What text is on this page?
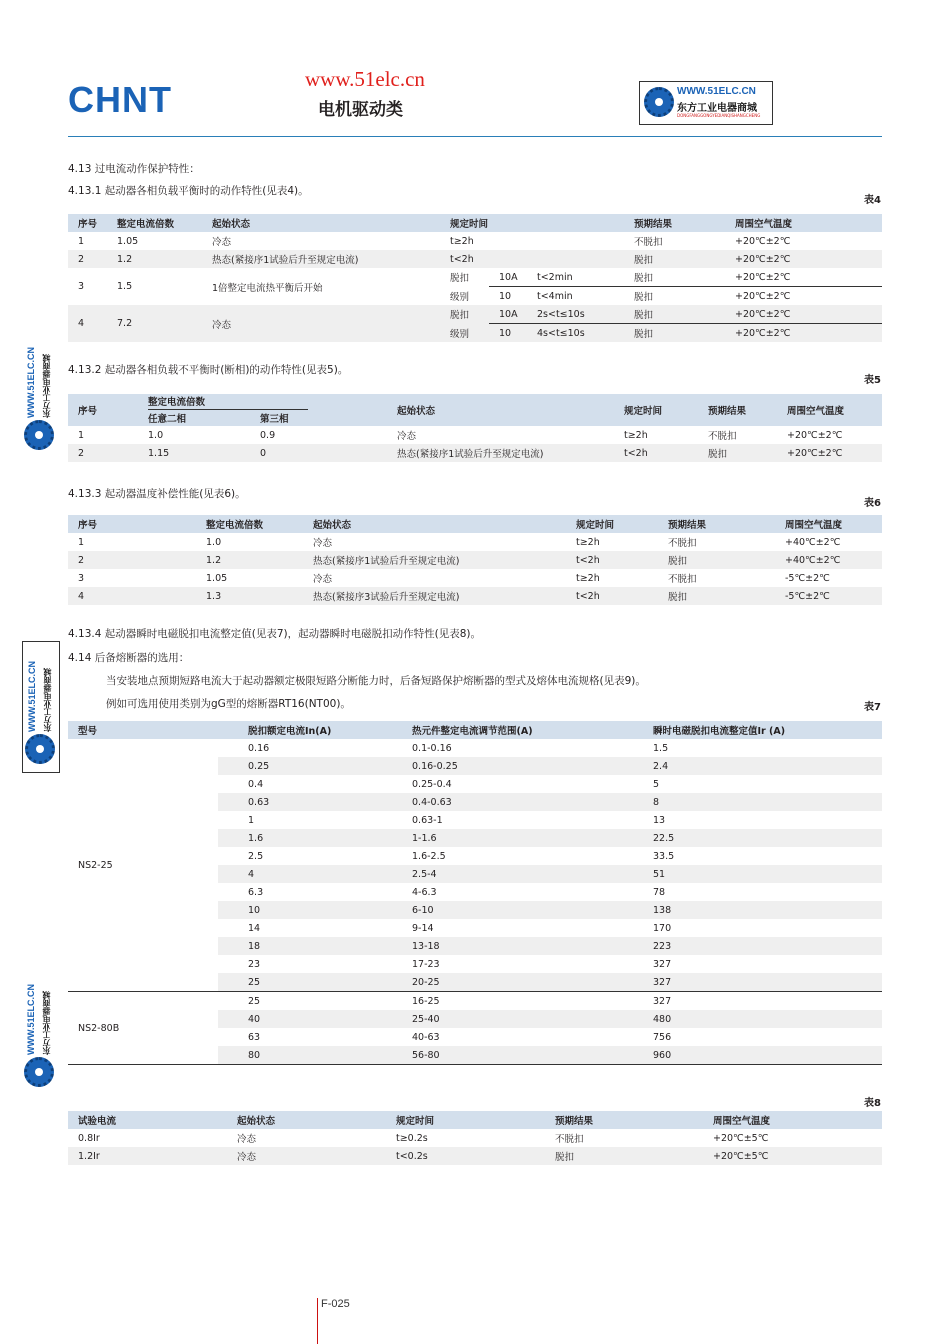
CHNT	www.51elc.cn
电机驱动类
WWW.51ELC.CN
东方工业电器商城
DONGFANGGONGYEDIANQISHANGCHENG
WWW.51ELC.CN 东方工业电器商城
WWW.51ELC.CN 东方工业电器商城
WWW.51ELC.CN 东方工业电器商城
4.13 过电流动作保护特性：
4.13.1 起动器各相负载平衡时的动作特性(见表4)。
表4
序号	整定电流倍数	起始状态	规定时间			预期结果	周围空气温度
1	1.05	冷态	t≥2h			不脱扣	+20℃±2℃
2	1.2	热态(紧接序1试验后升至规定电流)	t<2h			脱扣	+20℃±2℃
3	1.5	1倍整定电流热平衡后开始	脱扣	10A	t<2min	脱扣	+20℃±2℃
			级别	10	t<4min	脱扣	+20℃±2℃
4	7.2	冷态	脱扣	10A	2s<t≤10s	脱扣	+20℃±2℃
			级别	10	4s<t≤10s	脱扣	+20℃±2℃
4.13.2 起动器各相负载不平衡时(断相)的动作特性(见表5)。
表5
序号	整定电流倍数		起始状态	规定时间	预期结果	周围空气温度
	任意二相	第三相				
1	1.0	0.9	冷态	t≥2h	不脱扣	+20℃±2℃
2	1.15	0	热态(紧接序1试验后升至规定电流)	t<2h	脱扣	+20℃±2℃
4.13.3 起动器温度补偿性能(见表6)。
表6
序号	整定电流倍数	起始状态	规定时间	预期结果	周围空气温度
1	1.0	冷态	t≥2h	不脱扣	+40℃±2℃
2	1.2	热态(紧接序1试验后升至规定电流)	t<2h	脱扣	+40℃±2℃
3	1.05	冷态	t≥2h	不脱扣	-5℃±2℃
4	1.3	热态(紧接序3试验后升至规定电流)	t<2h	脱扣	-5℃±2℃
4.13.4 起动器瞬时电磁脱扣电流整定值(见表7)，起动器瞬时电磁脱扣动作特性(见表8)。
4.14 后备熔断器的选用：
当安装地点预期短路电流大于起动器额定极限短路分断能力时，后备短路保护熔断器的型式及熔体电流规格(见表9)。
例如可选用使用类别为gG型的熔断器RT16(NT00)。	表7
型号	脱扣额定电流In(A)	热元件整定电流调节范围(A)	瞬时电磁脱扣电流整定值Ir (A)
NS2-25	0.16	0.1-0.16	1.5
	0.25	0.16-0.25	2.4
	0.4	0.25-0.4	5
	0.63	0.4-0.63	8
	1	0.63-1	13
	1.6	1-1.6	22.5
	2.5	1.6-2.5	33.5
	4	2.5-4	51
	6.3	4-6.3	78
	10	6-10	138
	14	9-14	170
	18	13-18	223
	23	17-23	327
	25	20-25	327
NS2-80B	25	16-25	327
	40	25-40	480
	63	40-63	756
	80	56-80	960
表8
试验电流	起始状态	规定时间	预期结果	周围空气温度
0.8Ir	冷态	t≥0.2s	不脱扣	+20℃±5℃
1.2Ir	冷态	t<0.2s	脱扣	+20℃±5℃
F-025
